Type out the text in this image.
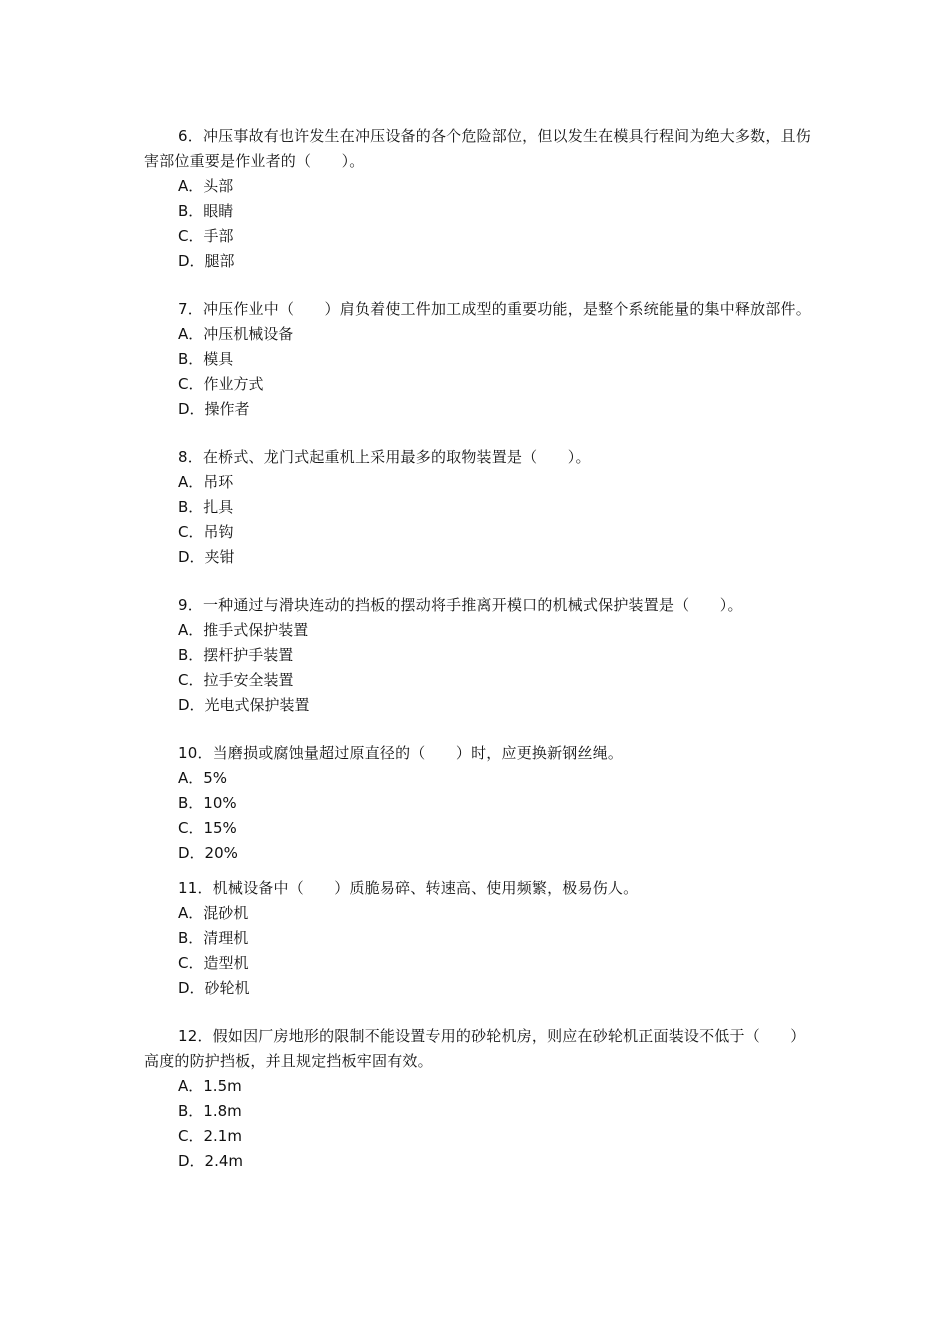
6．冲压事故有也许发生在冲压设备的各个危险部位，但以发生在模具行程间为绝大多数，且伤害部位重要是作业者的（　　）。

A．头部
B．眼睛
C．手部
D．腿部

7．冲压作业中（　　）肩负着使工件加工成型的重要功能，是整个系统能量的集中释放部件。

A．冲压机械设备
B．模具
C．作业方式
D．操作者

8．在桥式、龙门式起重机上采用最多的取物装置是（　　）。

A．吊环
B．扎具
C．吊钩
D．夹钳

9．一种通过与滑块连动的挡板的摆动将手推离开模口的机械式保护装置是（　　）。

A．推手式保护装置
B．摆杆护手装置
C．拉手安全装置
D．光电式保护装置

10．当磨损或腐蚀量超过原直径的（　　）时，应更换新钢丝绳。

A．5%
B．10%
C．15%
D．20%

11．机械设备中（　　）质脆易碎、转速高、使用频繁，极易伤人。

A．混砂机
B．清理机
C．造型机
D．砂轮机

12．假如因厂房地形的限制不能设置专用的砂轮机房，则应在砂轮机正面装设不低于（　　）高度的防护挡板，并且规定挡板牢固有效。

A．1.5m
B．1.8m
C．2.1m
D．2.4m
